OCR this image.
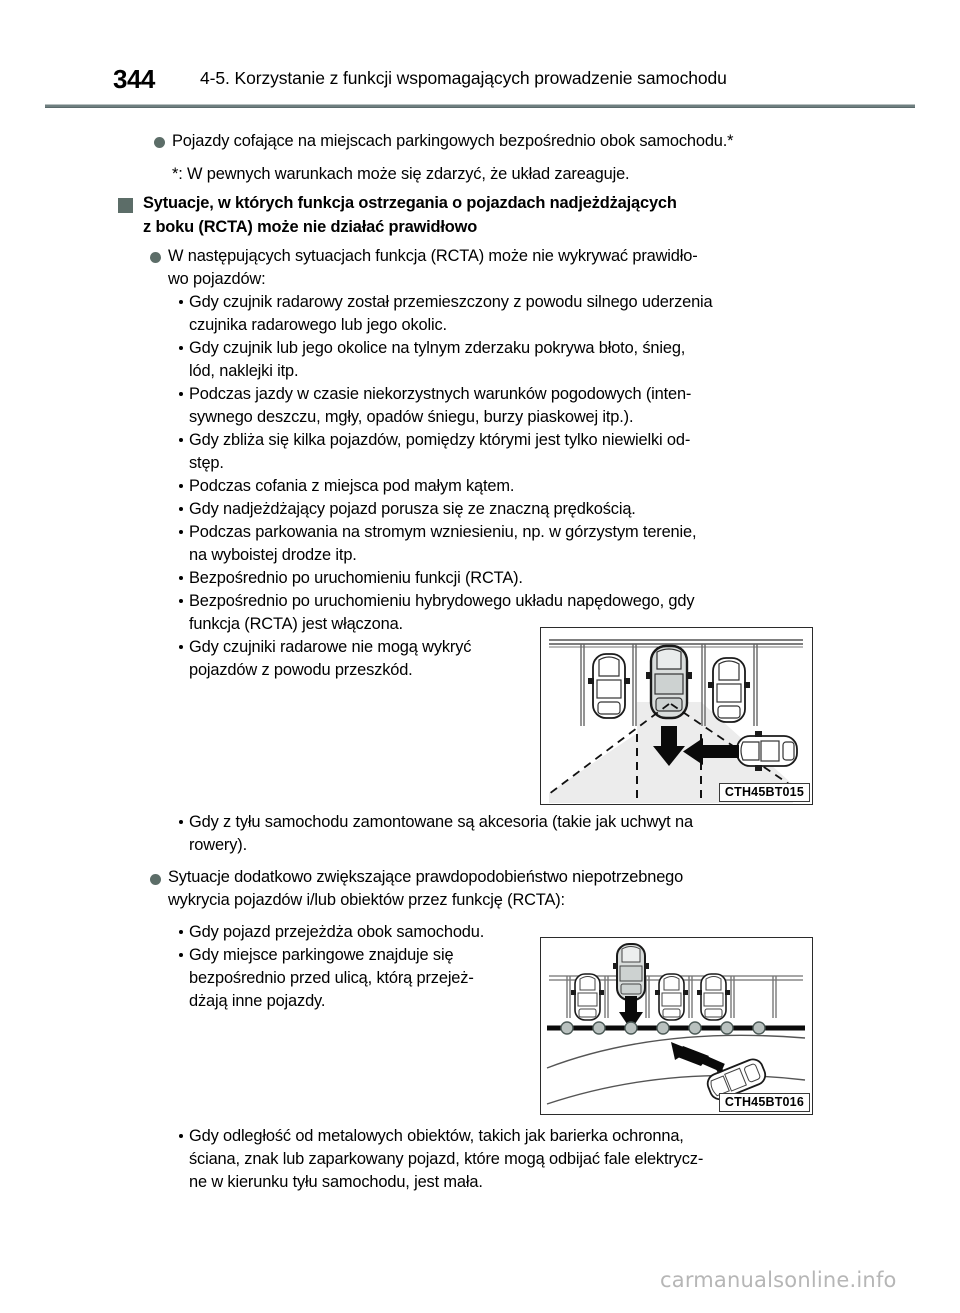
344	4-5. Korzystanie z funkcji wspomagających prowadzenie samochodu
Pojazdy cofające na miejscach parkingowych bezpośrednio obok samochodu.*
*: W pewnych warunkach może się zdarzyć, że układ zareaguje.
Sytuacje, w których funkcja ostrzegania o pojazdach nadjeżdżających
z boku (RCTA) może nie działać prawidłowo
W następujących sytuacjach funkcja (RCTA) może nie wykrywać prawidło-
wo pojazdów:
Gdy czujnik radarowy został przemieszczony z powodu silnego uderzenia
czujnika radarowego lub jego okolic.
Gdy czujnik lub jego okolice na tylnym zderzaku pokrywa błoto, śnieg,
lód, naklejki itp.
Podczas jazdy w czasie niekorzystnych warunków pogodowych (inten-
sywnego deszczu, mgły, opadów śniegu, burzy piaskowej itp.).
Gdy zbliża się kilka pojazdów, pomiędzy którymi jest tylko niewielki od-
stęp.
Podczas cofania z miejsca pod małym kątem.
Gdy nadjeżdżający pojazd porusza się ze znaczną prędkością.
Podczas parkowania na stromym wzniesieniu, np. w górzystym terenie,
na wyboistej drodze itp.
Bezpośrednio po uruchomieniu funkcji (RCTA).
Bezpośrednio po uruchomieniu hybrydowego układu napędowego, gdy
funkcja (RCTA) jest włączona.
Gdy czujniki radarowe nie mogą wykryć
pojazdów z powodu przeszkód.
CTH45BT015
Gdy z tyłu samochodu zamontowane są akcesoria (takie jak uchwyt na
rowery).
Sytuacje dodatkowo zwiększające prawdopodobieństwo niepotrzebnego
wykrycia pojazdów i/lub obiektów przez funkcję (RCTA):
Gdy pojazd przejeżdża obok samochodu.
Gdy miejsce parkingowe znajduje się
bezpośrednio przed ulicą, którą przejeż-
dżają inne pojazdy.
CTH45BT016
Gdy odległość od metalowych obiektów, takich jak barierka ochronna,
ściana, znak lub zaparkowany pojazd, które mogą odbijać fale elektrycz-
ne w kierunku tyłu samochodu, jest mała.
carmanualsonline.info
